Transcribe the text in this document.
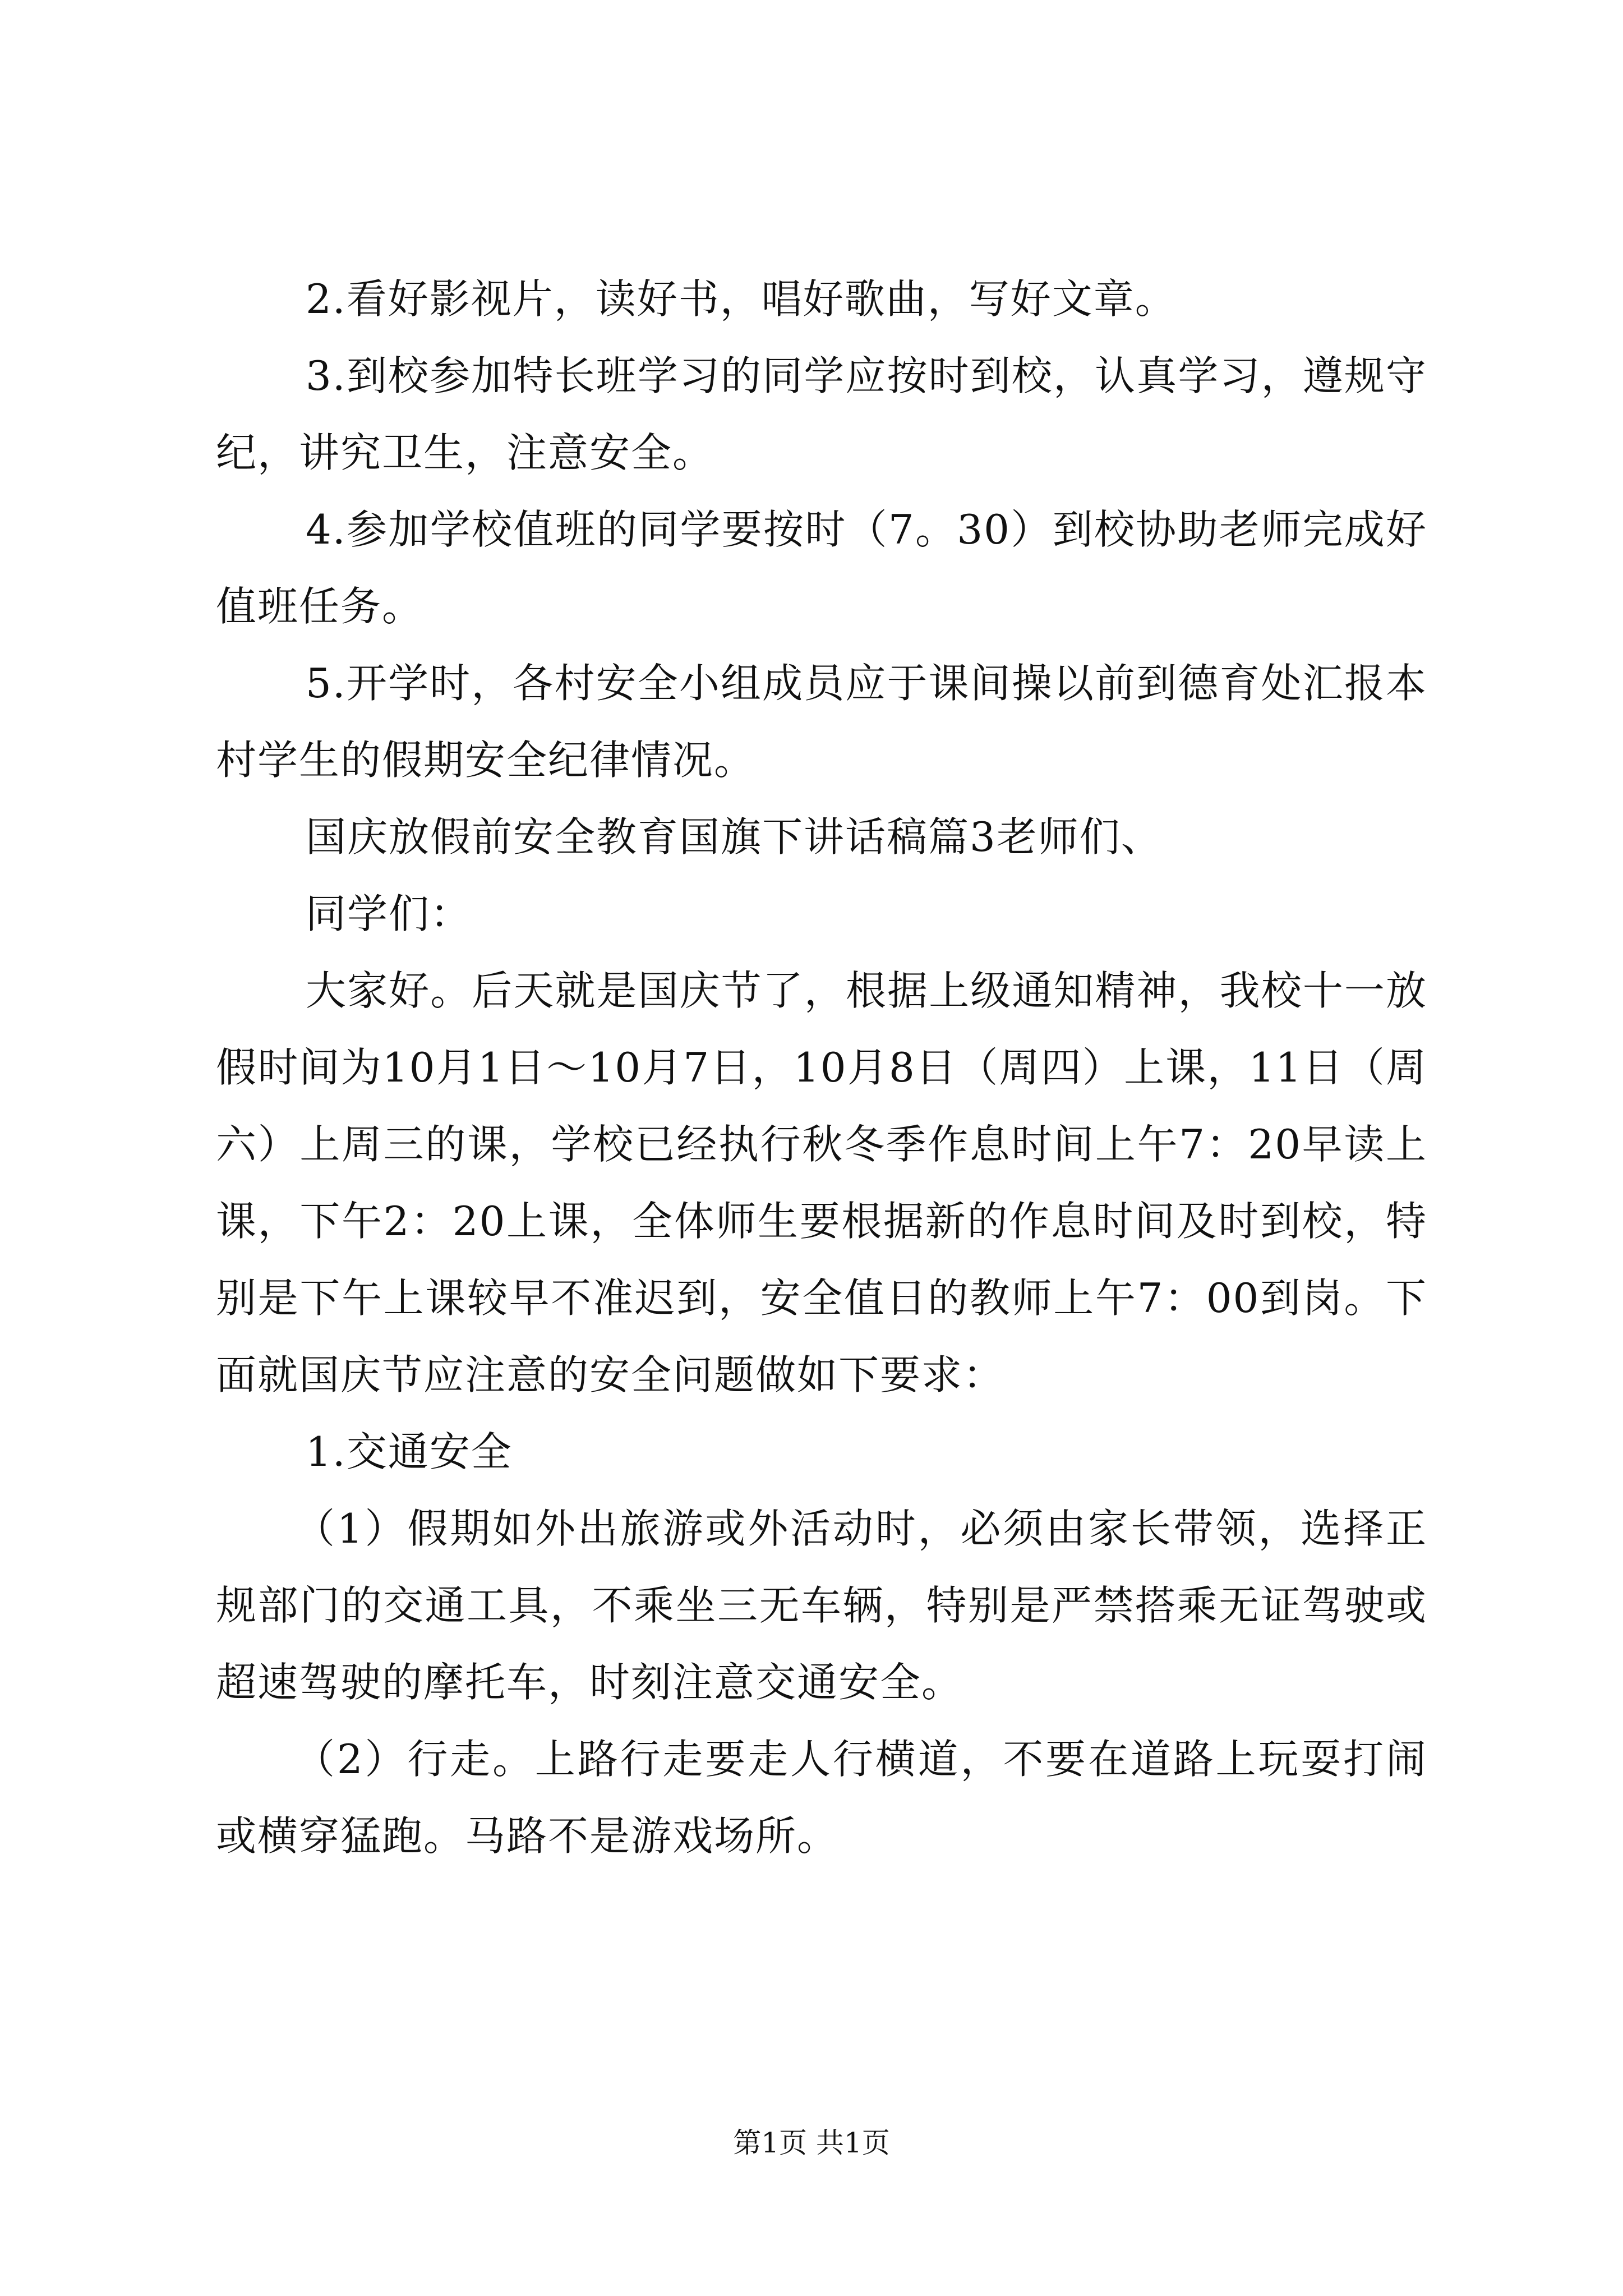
2.看好影视片，读好书，唱好歌曲，写好文章。

3.到校参加特长班学习的同学应按时到校，认真学习，遵规守纪，讲究卫生，注意安全。

4.参加学校值班的同学要按时（7。30）到校协助老师完成好值班任务。

5.开学时，各村安全小组成员应于课间操以前到德育处汇报本村学生的假期安全纪律情况。

国庆放假前安全教育国旗下讲话稿篇3老师们、

同学们：

大家好。后天就是国庆节了，根据上级通知精神，我校十一放假时间为10月1日～10月7日，10月8日（周四）上课，11日（周六）上周三的课，学校已经执行秋冬季作息时间上午7：20早读上课，下午2：20上课，全体师生要根据新的作息时间及时到校，特别是下午上课较早不准迟到，安全值日的教师上午7：00到岗。下面就国庆节应注意的安全问题做如下要求：

1.交通安全

（1）假期如外出旅游或外活动时，必须由家长带领，选择正规部门的交通工具，不乘坐三无车辆，特别是严禁搭乘无证驾驶或超速驾驶的摩托车，时刻注意交通安全。

（2）行走。上路行走要走人行横道，不要在道路上玩耍打闹或横穿猛跑。马路不是游戏场所。

第1页 共1页
